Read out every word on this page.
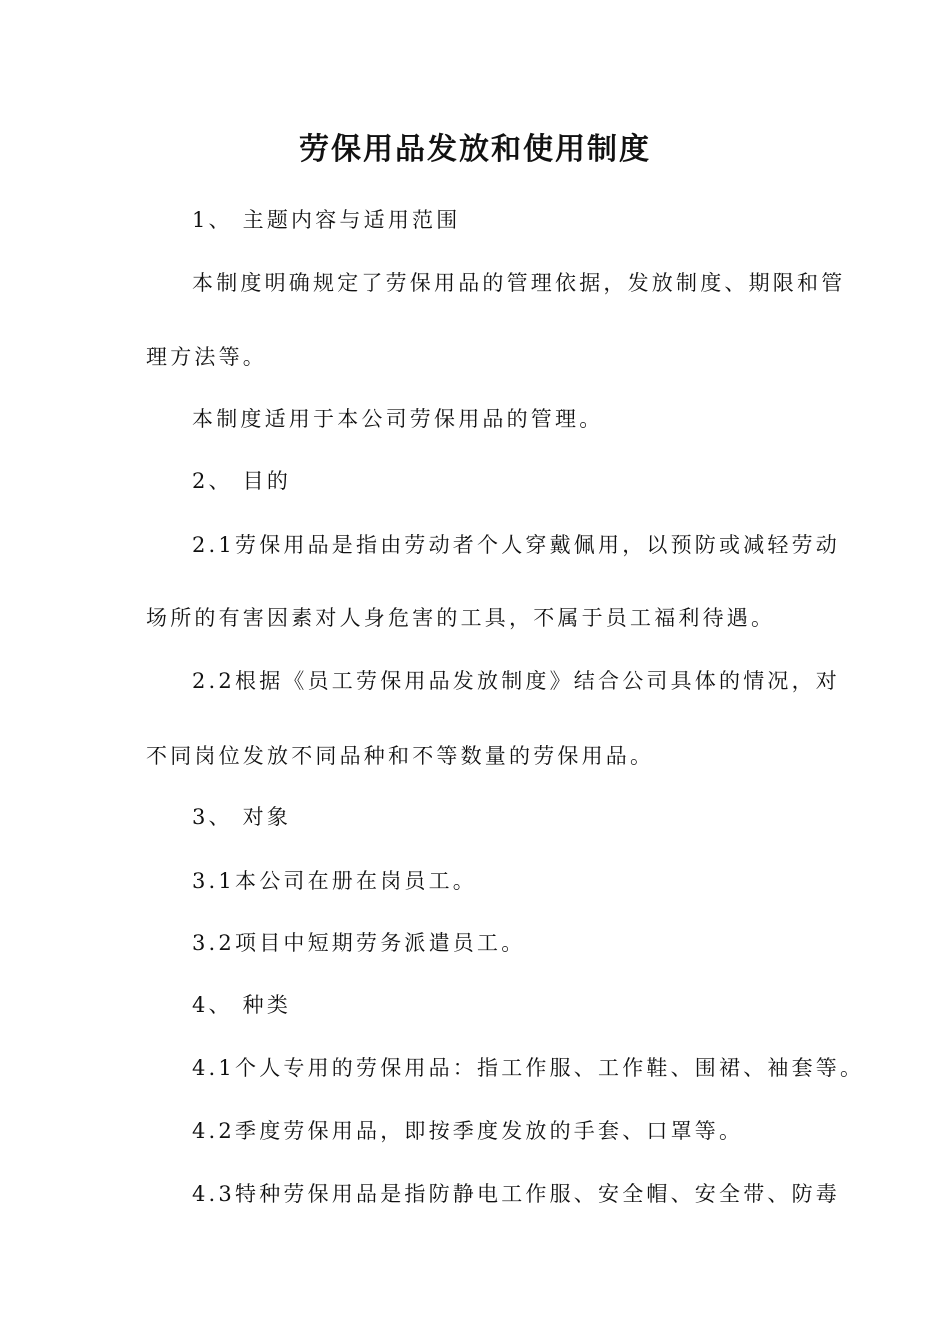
劳保用品发放和使用制度
1、 主题内容与适用范围
本制度明确规定了劳保用品的管理依据，发放制度、期限和管
理方法等。
本制度适用于本公司劳保用品的管理。
2、 目的
2.1劳保用品是指由劳动者个人穿戴佩用，以预防或减轻劳动
场所的有害因素对人身危害的工具，不属于员工福利待遇。
2.2根据《员工劳保用品发放制度》结合公司具体的情况，对
不同岗位发放不同品种和不等数量的劳保用品。
3、 对象
3.1本公司在册在岗员工。
3.2项目中短期劳务派遣员工。
4、 种类
4.1个人专用的劳保用品：指工作服、工作鞋、围裙、袖套等。
4.2季度劳保用品，即按季度发放的手套、口罩等。
4.3特种劳保用品是指防静电工作服、安全帽、安全带、防毒
